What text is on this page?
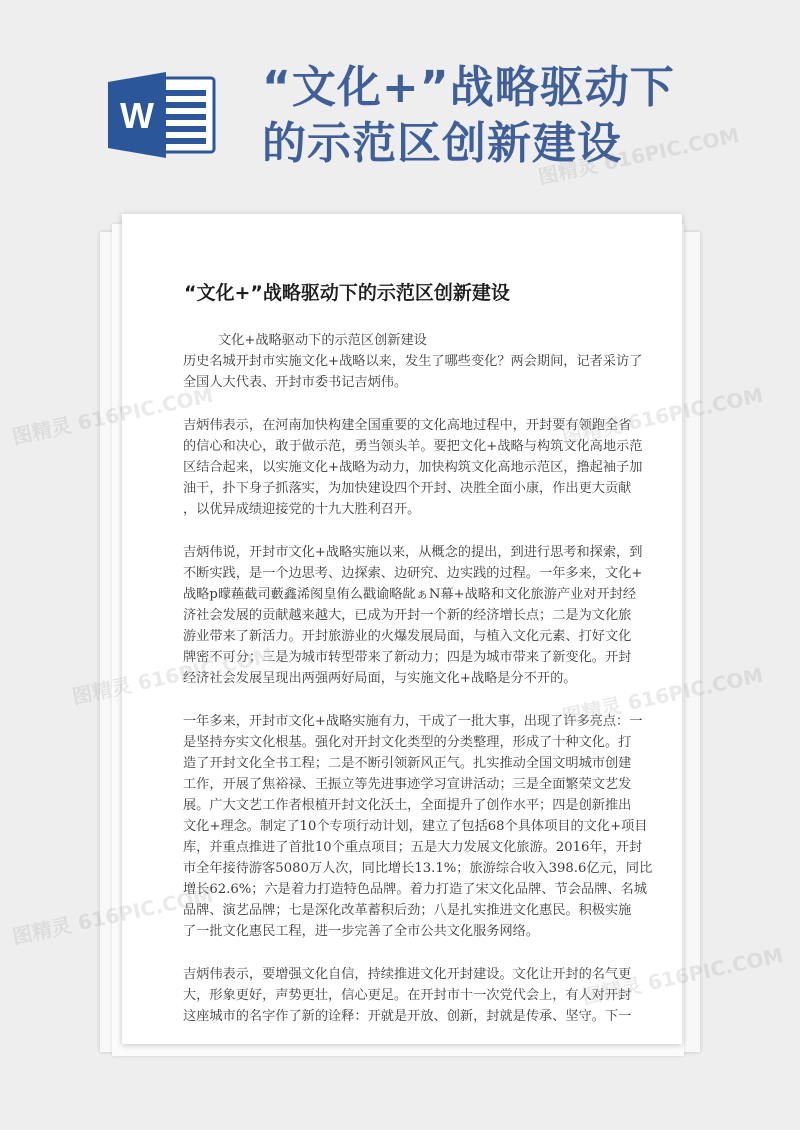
W
“文化+”战略驱动下
的示范区创新建设
“文化+”战略驱动下的示范区创新建设
文化+战略驱动下的示范区创新建设
历史名城开封市实施文化+战略以来，发生了哪些变化？两会期间，记者采访了
全国人大代表、开封市委书记吉炳伟。
吉炳伟表示，在河南加快构建全国重要的文化高地过程中，开封要有领跑全省
的信心和决心，敢于做示范，勇当领头羊。要把文化+战略与构筑文化高地示范
区结合起来，以实施文化+战略为动力，加快构筑文化高地示范区，撸起袖子加
油干，扑下身子抓落实，为加快建设四个开封、决胜全面小康，作出更大贡献
，以优异成绩迎接党的十九大胜利召开。
吉炳伟说，开封市文化+战略实施以来，从概念的提出，到进行思考和探索，到
不断实践，是一个边思考、边探索、边研究、边实践的过程。一年多来，文化+
战略p曚蘓截司藪鑫浠阂皇侑么戳谕略龀ぁN幕+战略和文化旅游产业对开封经
济社会发展的贡献越来越大，已成为开封一个新的经济增长点；二是为文化旅
游业带来了新活力。开封旅游业的火爆发展局面，与植入文化元素、打好文化
牌密不可分；三是为城市转型带来了新动力；四是为城市带来了新变化。开封
经济社会发展呈现出两强两好局面，与实施文化+战略是分不开的。
一年多来，开封市文化+战略实施有力，干成了一批大事，出现了许多亮点：一
是坚持夯实文化根基。强化对开封文化类型的分类整理，形成了十种文化。打
造了开封文化全书工程；二是不断引领新风正气。扎实推动全国文明城市创建
工作，开展了焦裕禄、王振立等先进事迹学习宣讲活动；三是全面繁荣文艺发
展。广大文艺工作者根植开封文化沃土，全面提升了创作水平；四是创新推出
文化+理念。制定了10个专项行动计划，建立了包括68个具体项目的文化+项目
库，并重点推进了首批10个重点项目；五是大力发展文化旅游。2016年，开封
市全年接待游客5080万人次，同比增长13.1%；旅游综合收入398.6亿元，同比
增长62.6%；六是着力打造特色品牌。着力打造了宋文化品牌、节会品牌、名城
品牌、演艺品牌；七是深化改革蓄积后劲；八是扎实推进文化惠民。积极实施
了一批文化惠民工程，进一步完善了全市公共文化服务网络。
吉炳伟表示，要增强文化自信，持续推进文化开封建设。文化让开封的名气更
大，形象更好，声势更壮，信心更足。在开封市十一次党代会上，有人对开封
这座城市的名字作了新的诠释：开就是开放、创新，封就是传承、坚守。下一
图精灵 616PIC.COM
图精灵 616PIC.COM	图精灵 616PIC.COM
图精灵 616PIC.COM	图精灵 616PIC.COM
图精灵 616PIC.COM
图精灵 616PIC.COM
